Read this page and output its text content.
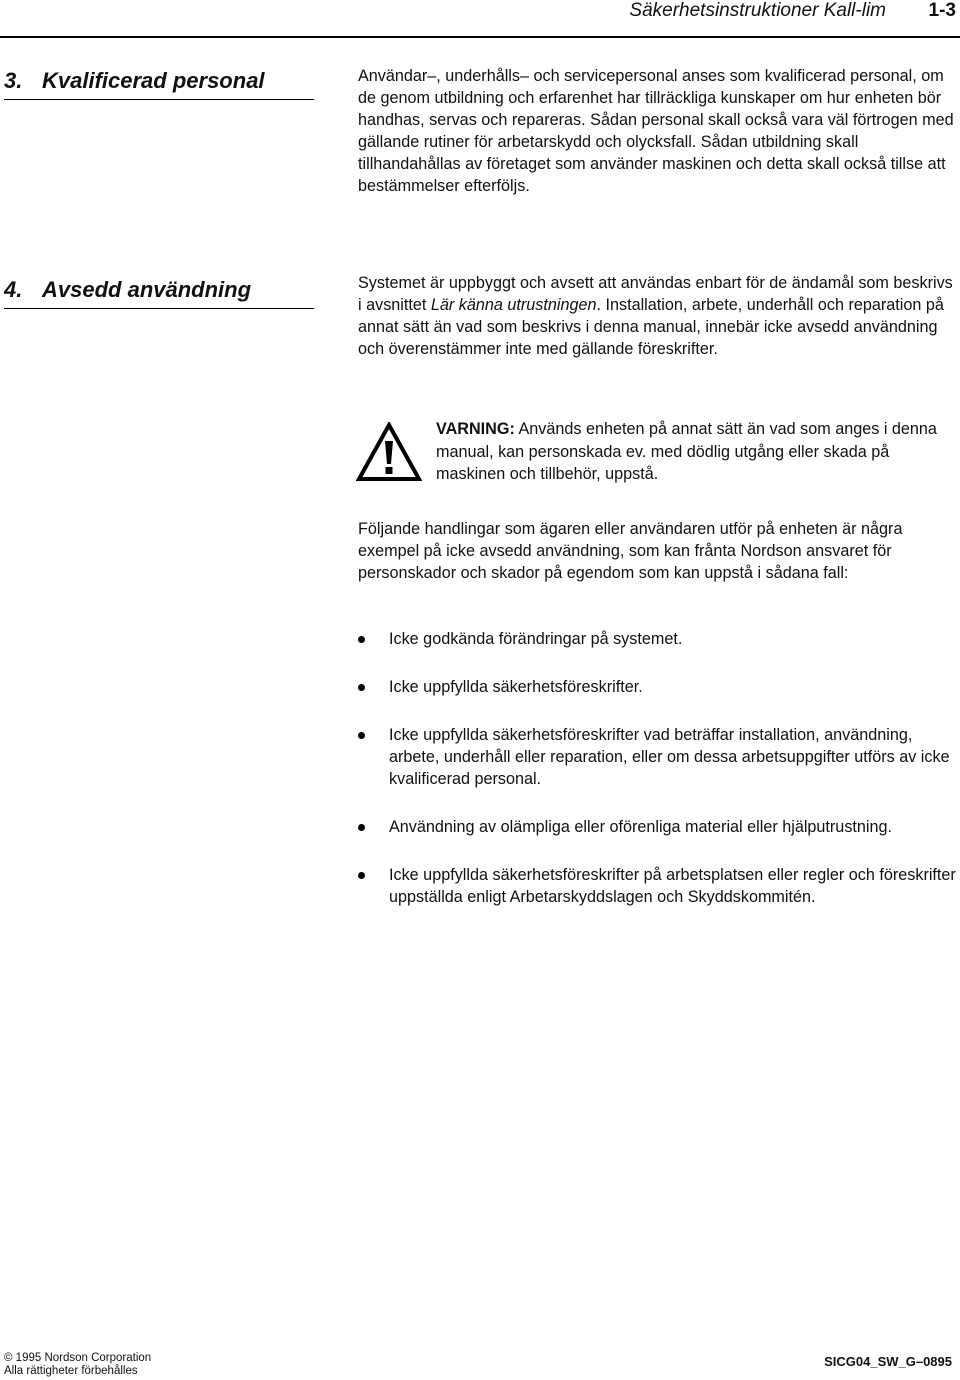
Säkerhetsinstruktioner Kall-lim 1-3
3. Kvalificerad personal	Användar–, underhålls– och servicepersonal anses som kvalificerad personal, om de genom utbildning och erfarenhet har tillräckliga kunskaper om hur enheten bör handhas, servas och repareras. Sådan personal skall också vara väl förtrogen med gällande rutiner för arbetarskydd och olycksfall. Sådan utbildning skall tillhandahållas av företaget som använder maskinen och detta skall också tillse att bestämmelser efterföljs.

4. Avsedd användning	Systemet är uppbyggt och avsett att användas enbart för de ändamål som beskrivs i avsnittet Lär känna utrustningen. Installation, arbete, underhåll och reparation på annat sätt än vad som beskrivs i denna manual, innebär icke avsedd användning och överenstämmer inte med gällande föreskrifter.

VARNING: Används enheten på annat sätt än vad som anges i denna manual, kan personskada ev. med dödlig utgång eller skada på maskinen och tillbehör, uppstå.

Följande handlingar som ägaren eller användaren utför på enheten är några exempel på icke avsedd användning, som kan frånta Nordson ansvaret för personskador och skador på egendom som kan uppstå i sådana fall:

Icke godkända förändringar på systemet.
Icke uppfyllda säkerhetsföreskrifter.
Icke uppfyllda säkerhetsföreskrifter vad beträffar installation, användning, arbete, underhåll eller reparation, eller om dessa arbetsuppgifter utförs av icke kvalificerad personal.
Användning av olämpliga eller oförenliga material eller hjälputrustning.
Icke uppfyllda säkerhetsföreskrifter på arbetsplatsen eller regler och föreskrifter uppställda enligt Arbetarskyddslagen och Skyddskommitén.
© 1995 Nordson Corporation
Alla rättigheter förbehålles
SICG04_SW_G–0895
